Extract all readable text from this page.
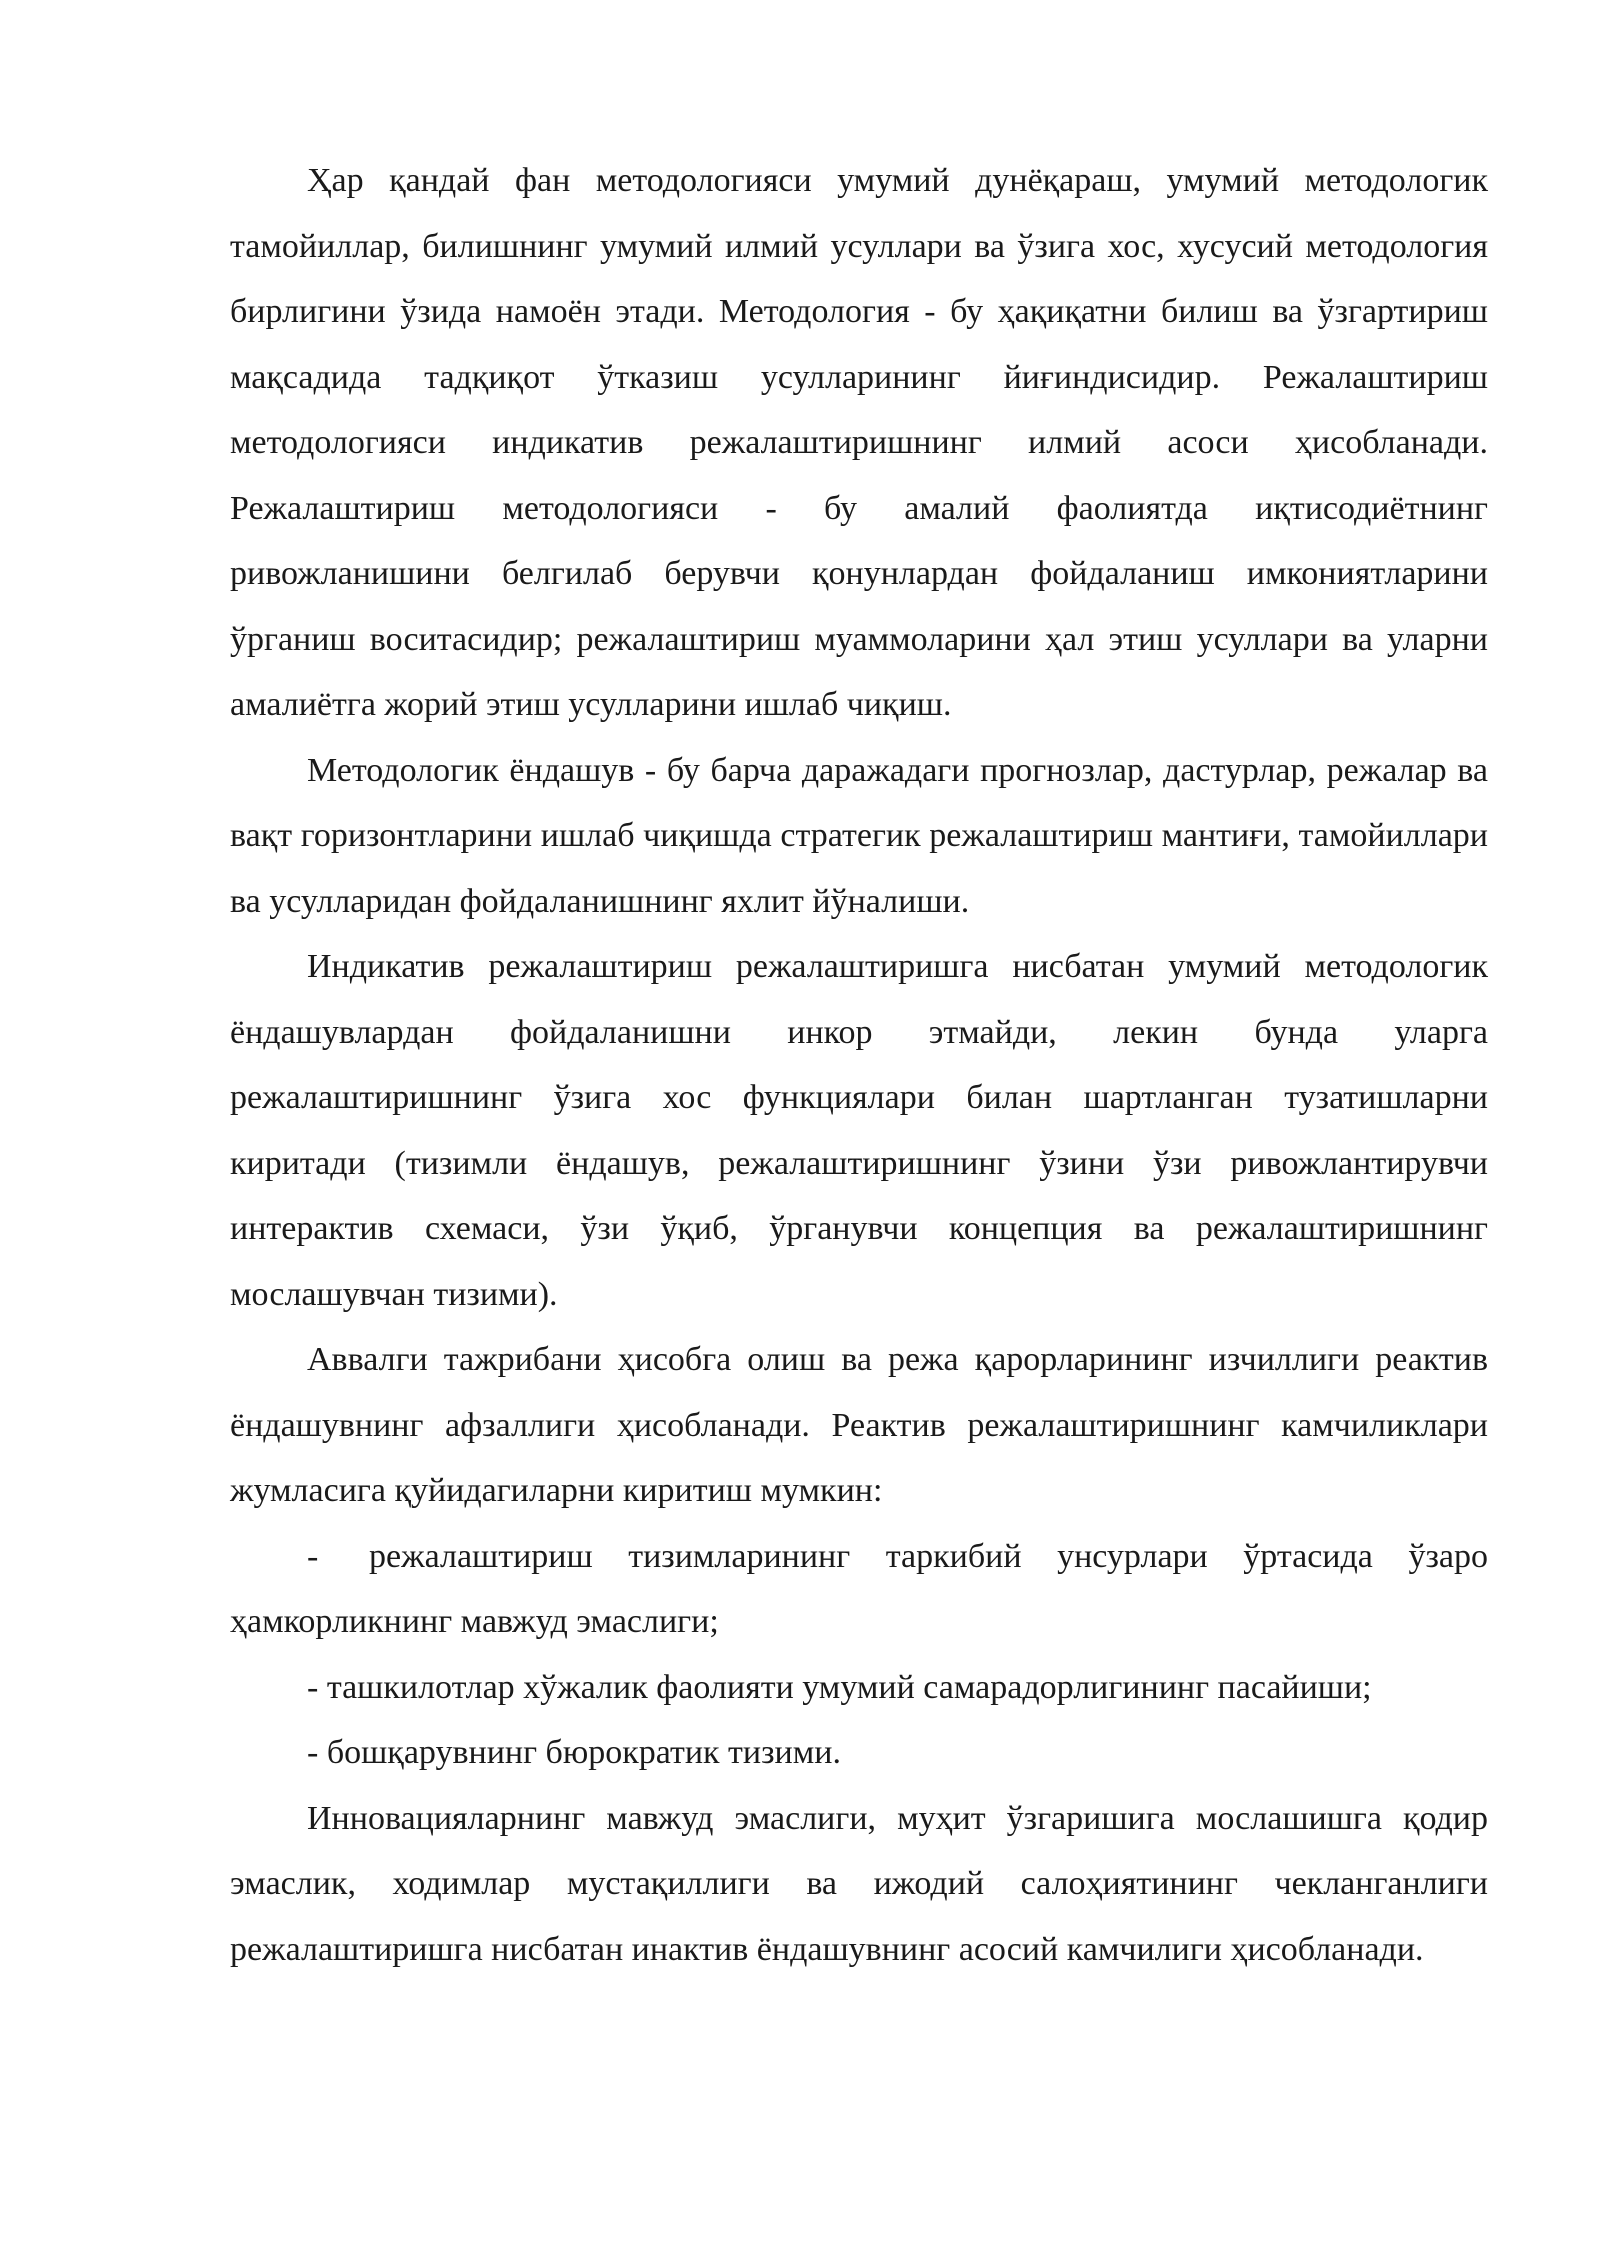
Ҳар қандай фан методологияси умумий дунёқараш, умумий методологик тамойиллар, билишнинг умумий илмий усуллари ва ўзига хос, хусусий методология бирлигини ўзида намоён этади. Методология - бу ҳақиқатни билиш ва ўзгартириш мақсадида тадқиқот ўтказиш усулларининг йиғиндисидир. Режалаштириш методологияси индикатив режалаштиришнинг илмий асоси ҳисобланади. Режалаштириш методологияси - бу амалий фаолиятда иқтисодиётнинг ривожланишини белгилаб берувчи қонунлардан фойдаланиш имкониятларини ўрганиш воситасидир; режалаштириш муаммоларини ҳал этиш усуллари ва уларни амалиётга жорий этиш усулларини ишлаб чиқиш.

Методологик ёндашув - бу барча даражадаги прогнозлар, дастурлар, режалар ва вақт горизонтларини ишлаб чиқишда стратегик режалаштириш мантиғи, тамойиллари ва усулларидан фойдаланишнинг яхлит йўналиши.

Индикатив режалаштириш режалаштиришга нисбатан умумий методологик ёндашувлардан фойдаланишни инкор этмайди, лекин бунда уларга режалаштиришнинг ўзига хос функциялари билан шартланган тузатишларни киритади (тизимли ёндашув, режалаштиришнинг ўзини ўзи ривожлантирувчи интерактив схемаси, ўзи ўқиб, ўрганувчи концепция ва режалаштиришнинг мослашувчан тизими).

Аввалги тажрибани ҳисобга олиш ва режа қарорларининг изчиллиги реактив ёндашувнинг афзаллиги ҳисобланади. Реактив режалаштиришнинг камчиликлари жумласига қуйидагиларни киритиш мумкин:

- режалаштириш тизимларининг таркибий унсурлари ўртасида ўзаро ҳамкорликнинг мавжуд эмаслиги;

- ташкилотлар хўжалик фаолияти умумий самарадорлигининг пасайиши;

- бошқарувнинг бюрократик тизими.

Инновацияларнинг мавжуд эмаслиги, муҳит ўзгаришига мослашишга қодир эмаслик, ходимлар мустақиллиги ва ижодий салоҳиятининг чекланганлиги режалаштиришга нисбатан инактив ёндашувнинг асосий камчилиги ҳисобланади.
